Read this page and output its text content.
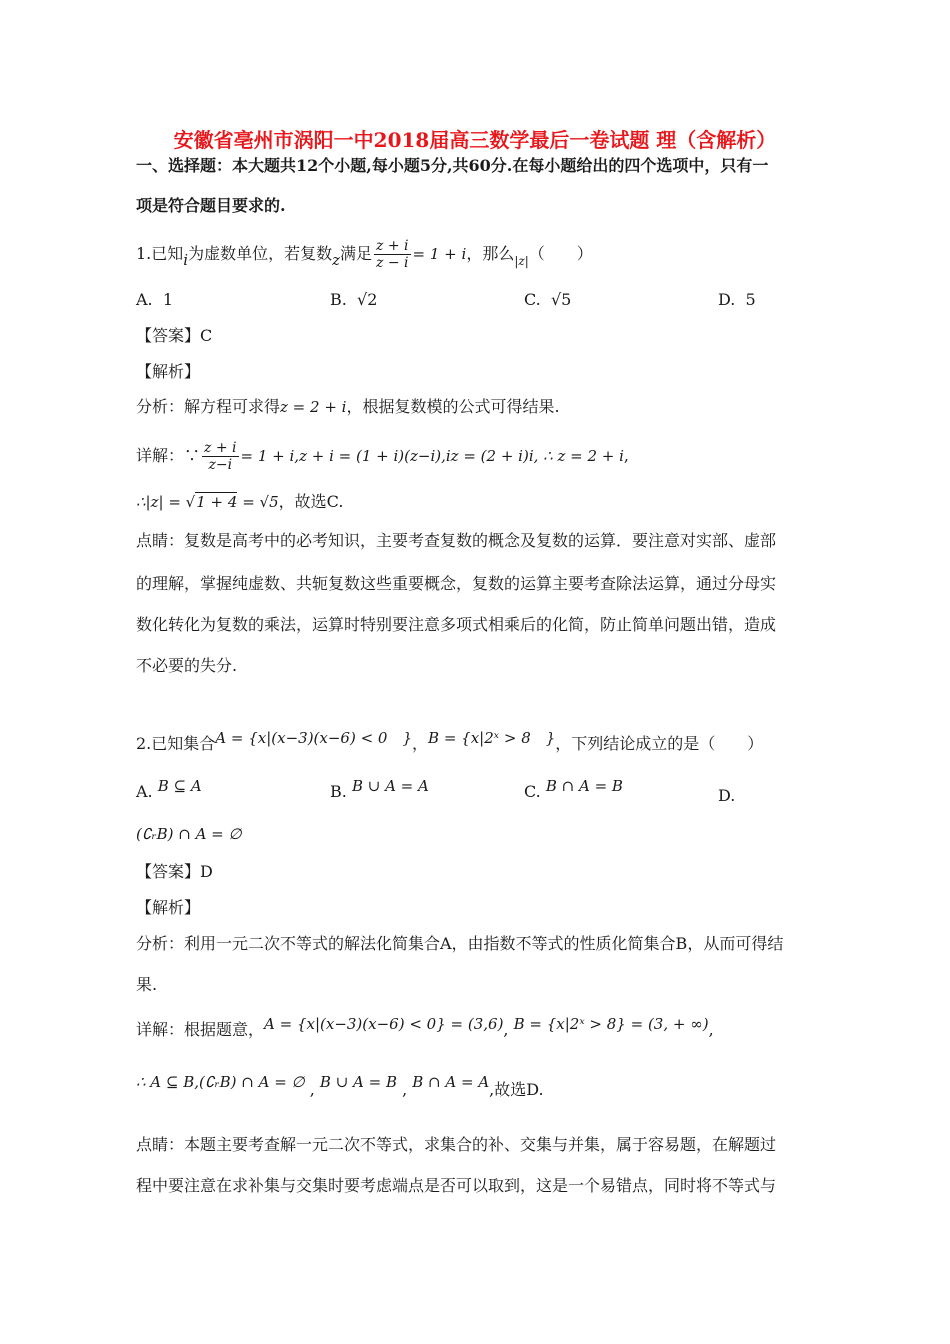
安徽省亳州市涡阳一中2018届高三数学最后一卷试题 理（含解析）
一、选择题：本大题共12个小题,每小题5分,共60分.在每小题给出的四个选项中，只有一
项是符合题目要求的.
1.已知i为虚数单位，若复数z满足 $\frac{z + i}{z - i} = 1 + i$，那么$_{|z|}$（　　）
A. 1	B. √2	C. √5	D. 5
【答案】C
【解析】
分析：解方程可求得z = 2 + i，根据复数模的公式可得结果.
详解：∵ $\frac{z + i}{z-i} = 1 + i,z + i = (1 + i)(z-i),iz = (2 + i)i$, ∴ z = 2 + i,
∴|z| = √1 + 4 = √5，故选C.
点睛：复数是高考中的必考知识，主要考查复数的概念及复数的运算．要注意对实部、虚部
的理解，掌握纯虚数、共轭复数这些重要概念，复数的运算主要考查除法运算，通过分母实
数化转化为复数的乘法，运算时特别要注意多项式相乘后的化简，防止简单问题出错，造成
不必要的失分.
2.已知集合A = {x|(x−3)(x−6) < 0　}，B = {x|2ˣ > 8　}，下列结论成立的是（　　）
A. B ⊆ A	B. B ∪ A = A	C. B ∩ A = B	D.
(∁ᵣB) ∩ A = ∅
【答案】D
【解析】
分析：利用一元二次不等式的解法化简集合A，由指数不等式的性质化简集合B，从而可得结
果.
详解：根据题意，A = {x|(x−3)(x−6) < 0} = (3,6), B = {x|2ˣ > 8} = (3, + ∞),
∴ A ⊆ B,(∁ᵣB) ∩ A = ∅ , B ∪ A = B , B ∩ A = A,故选D.
点睛：本题主要考查解一元二次不等式，求集合的补、交集与并集，属于容易题，在解题过
程中要注意在求补集与交集时要考虑端点是否可以取到，这是一个易错点，同时将不等式与
